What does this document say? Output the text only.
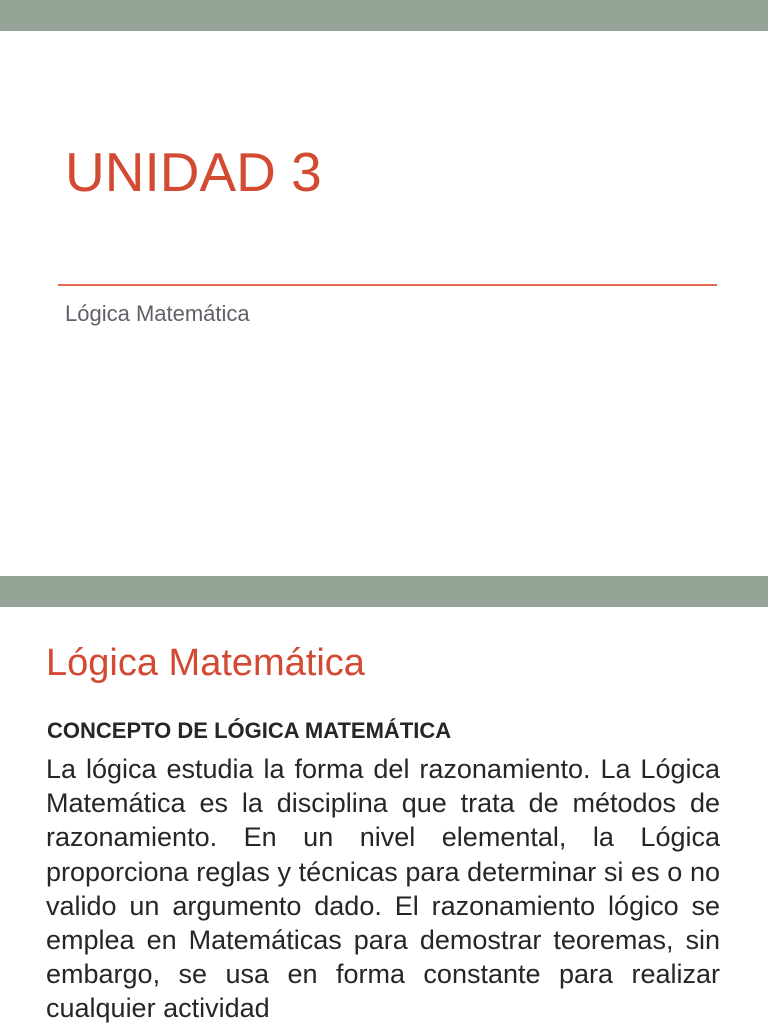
UNIDAD 3

Lógica Matemática

Lógica Matemática

CONCEPTO DE LÓGICA MATEMÁTICA

La lógica estudia la forma del razonamiento. La Lógica Matemática es la disciplina que trata de métodos de razonamiento. En un nivel elemental, la Lógica proporciona reglas y técnicas para determinar si es o no valido un argumento dado. El razonamiento lógico se emplea en Matemáticas para demostrar teoremas, sin embargo, se usa en forma constante para realizar cualquier actividad
